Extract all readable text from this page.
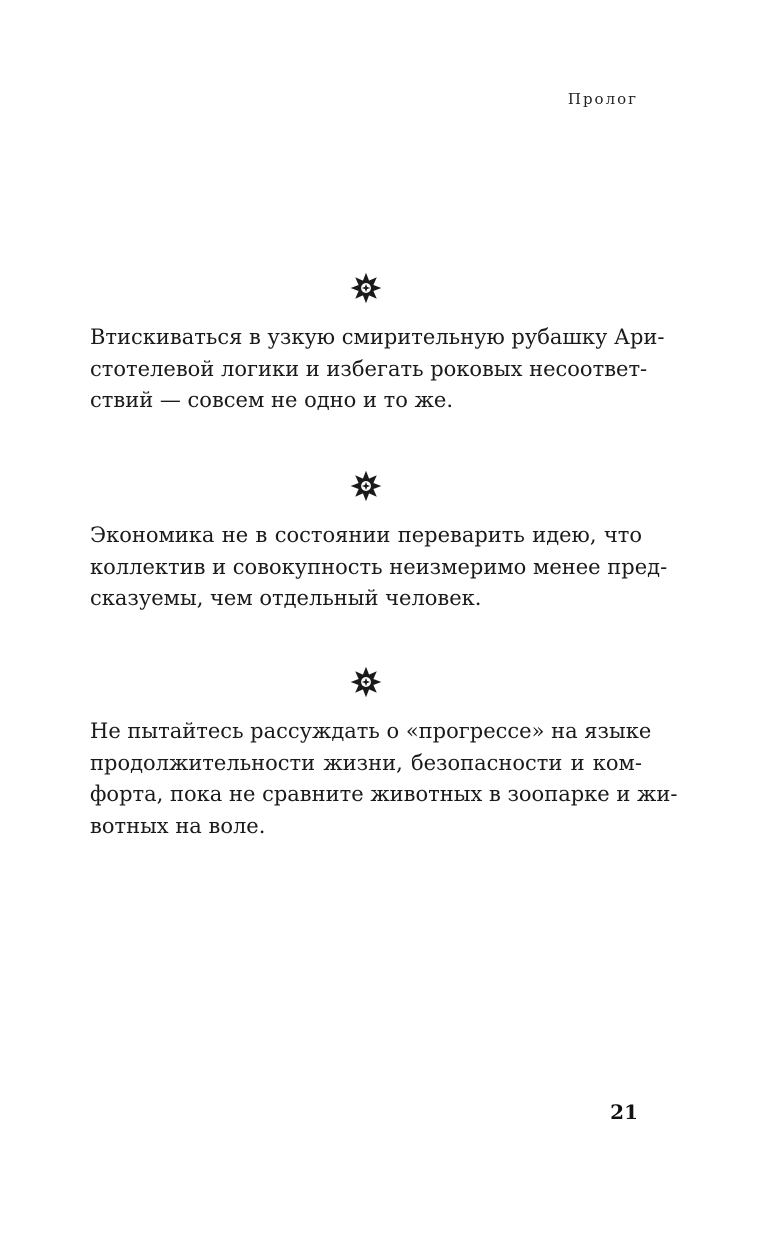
Пролог

Втискиваться в узкую смирительную рубашку Ари-
стотелевой логики и избегать роковых несоответ-
ствий — совсем не одно и то же.

Экономика не в состоянии переварить идею, что
коллектив и совокупность неизмеримо менее пред-
сказуемы, чем отдельный человек.

Не пытайтесь рассуждать о «прогрессе» на языке
продолжительности жизни, безопасности и ком-
форта, пока не сравните животных в зоопарке и жи-
вотных на воле.

21
